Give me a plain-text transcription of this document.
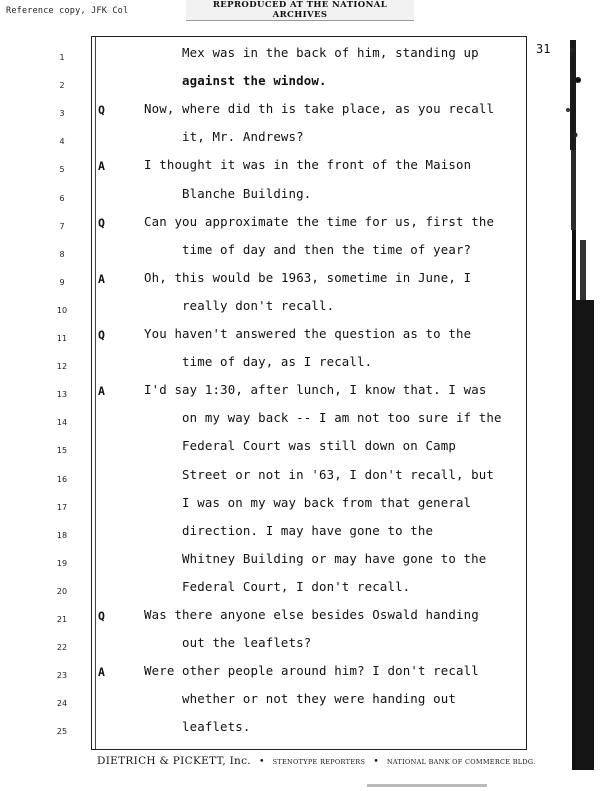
Reference copy, JFK Col
REPRODUCED AT THE NATIONAL ARCHIVES
31
1	Mex was in the back of him, standing up
2	against the window.
3	Q	Now, where did th is take place, as you recall
4	it, Mr. Andrews?
5	A	I thought it was in the front of the Maison
6	Blanche Building.
7	Q	Can you approximate the time for us, first the
8	time of day and then the time of year?
9	A	Oh, this would be 1963, sometime in June, I
10	really don't recall.
11	Q	You haven't answered the question as to the
12	time of day, as I recall.
13	A	I'd say 1:30, after lunch, I know that. I was
14	on my way back -- I am not too sure if the
15	Federal Court was still down on Camp
16	Street or not in '63, I don't recall, but
17	I was on my way back from that general
18	direction. I may have gone to the
19	Whitney Building or may have gone to the
20	Federal Court, I don't recall.
21	Q	Was there anyone else besides Oswald handing
22	out the leaflets?
23	A	Were other people around him? I don't recall
24	whether or not they were handing out
25	leaflets.
DIETRICH & PICKETT, Inc. • STENOTYPE REPORTERS • NATIONAL BANK OF COMMERCE BLDG.
